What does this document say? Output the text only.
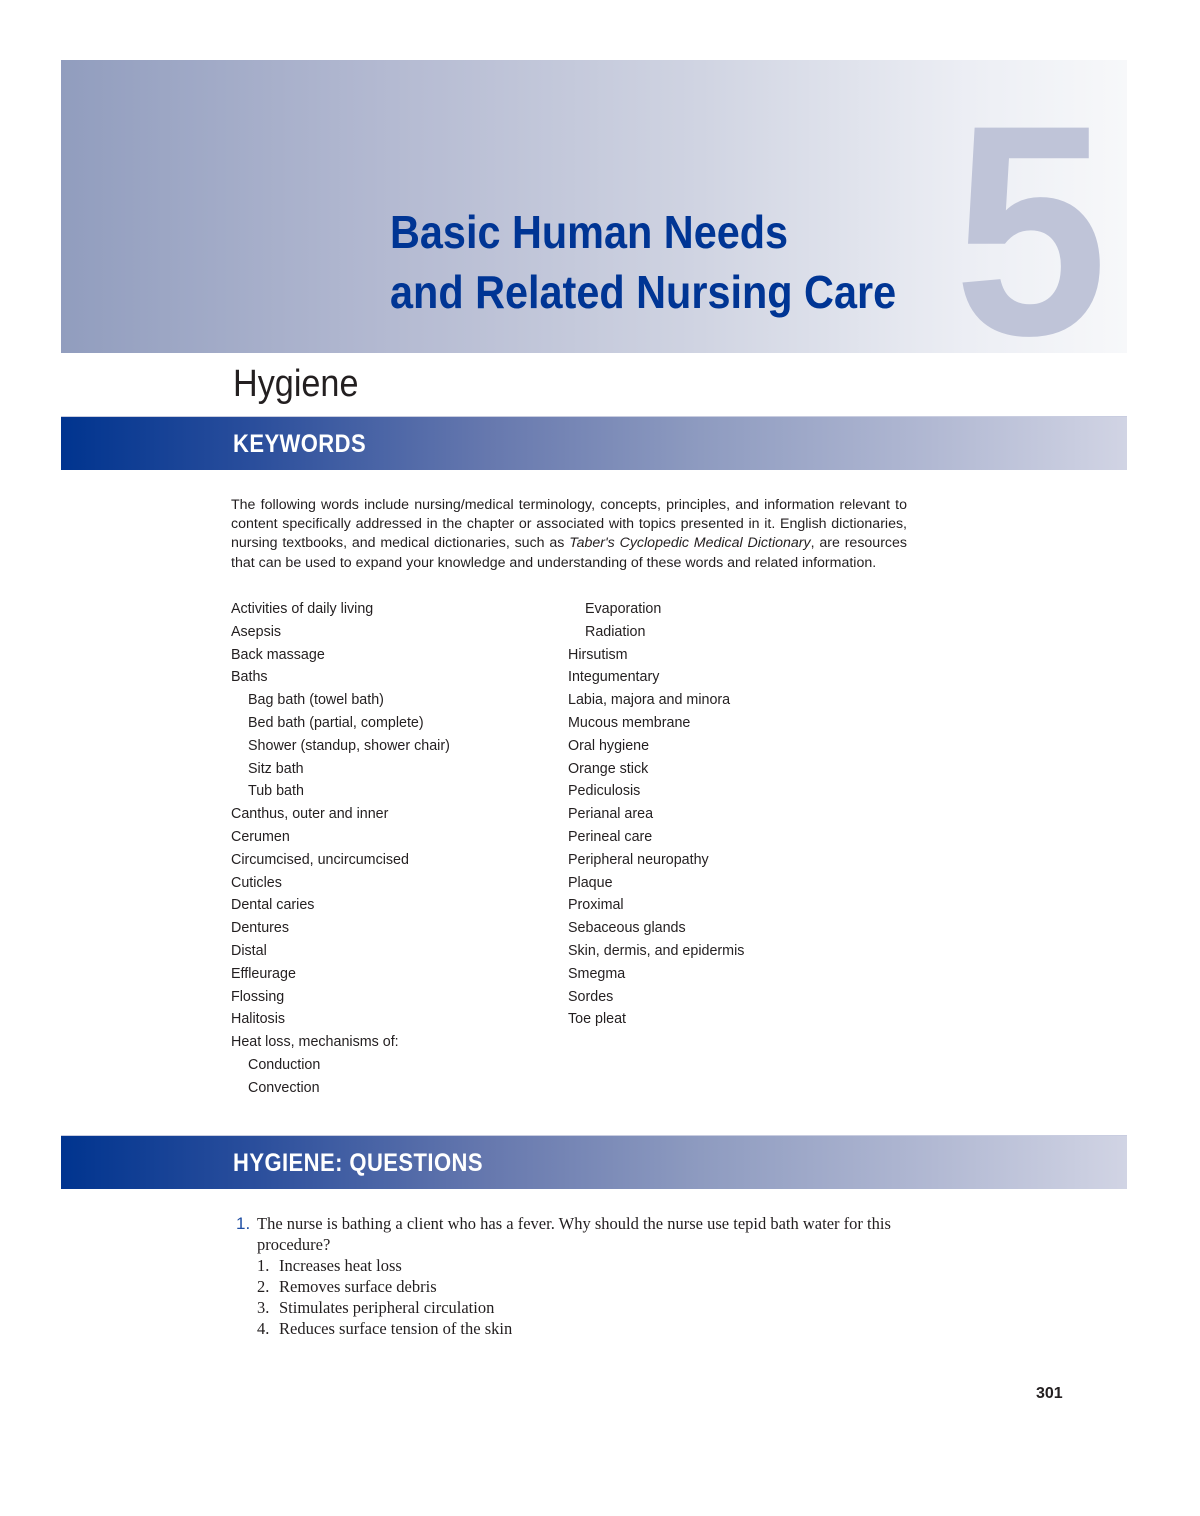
5
Basic Human Needs
and Related Nursing Care
Hygiene
KEYWORDS

The following words include nursing/medical terminology, concepts, principles, and information relevant to content specifically addressed in the chapter or associated with topics presented in it. English dictionaries, nursing textbooks, and medical dictionaries, such as Taber's Cyclopedic Medical Dictionary, are resources that can be used to expand your knowledge and understanding of these words and related information.

Activities of daily living
Asepsis
Back massage
Baths
Bag bath (towel bath)
Bed bath (partial, complete)
Shower (standup, shower chair)
Sitz bath
Tub bath
Canthus, outer and inner
Cerumen
Circumcised, uncircumcised
Cuticles
Dental caries
Dentures
Distal
Effleurage
Flossing
Halitosis
Heat loss, mechanisms of:
Conduction
Convection
Evaporation
Radiation
Hirsutism
Integumentary
Labia, majora and minora
Mucous membrane
Oral hygiene
Orange stick
Pediculosis
Perianal area
Perineal care
Peripheral neuropathy
Plaque
Proximal
Sebaceous glands
Skin, dermis, and epidermis
Smegma
Sordes
Toe pleat
HYGIENE: QUESTIONS
1. The nurse is bathing a client who has a fever. Why should the nurse use tepid bath water for this procedure?
1. Increases heat loss
2. Removes surface debris
3. Stimulates peripheral circulation
4. Reduces surface tension of the skin
301
